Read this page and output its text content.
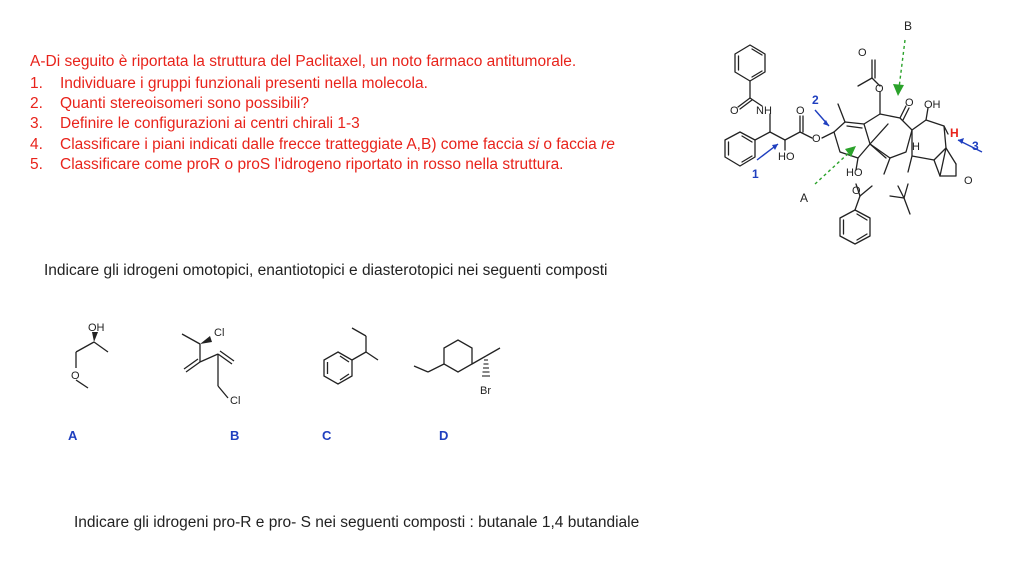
A-Di seguito è riportata la struttura del Paclitaxel, un noto farmaco antitumorale.

1. Individuare i gruppi funzionali presenti nella molecola.
2. Quanti stereoisomeri sono possibili?
3. Definire le configurazioni ai centri chirali 1-3
4. Classificare i piani indicati dalle frecce tratteggiate A,B) come faccia si o faccia re
5. Classificare come proR o proS l'idrogeno riportato in rosso nella struttura.
NH
O	O
O
HO
O
O
O OH
H
O
HO
O
H
1
2
3
A
B

Indicare gli idrogeni omotopici, enantiotopici e diasterotopici nei seguenti composti

OH
O
Cl
Cl
Br
A	B	C	D

Indicare gli idrogeni pro-R e pro- S nei seguenti composti : butanale 1,4 butandiale
